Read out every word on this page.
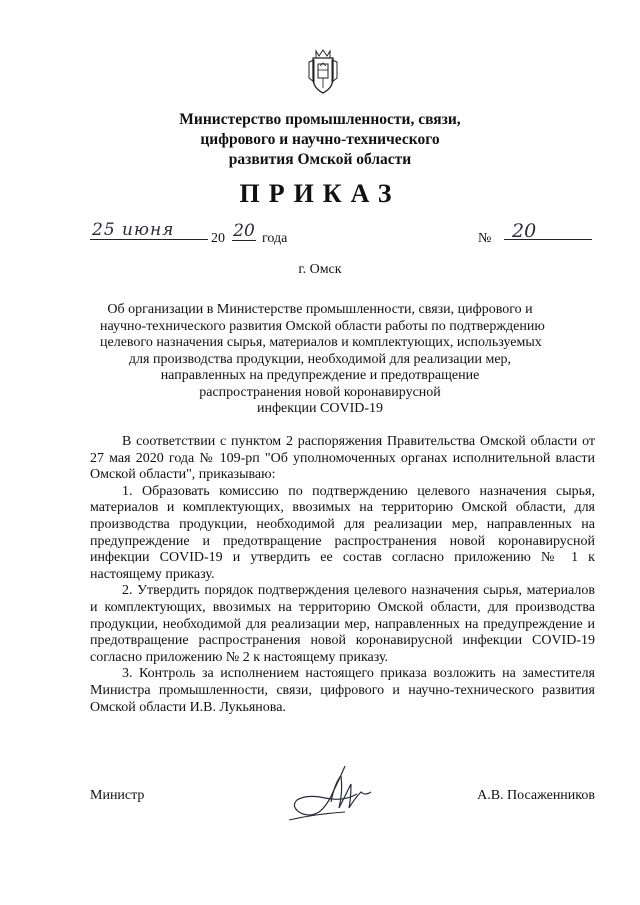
Министерство промышленности, связи,
цифрового и научно-технического
развития Омской области
ПРИКАЗ
25 июня	20 20 года	№	20
г. Омск
Об организации в Министерстве промышленности, связи, цифрового и
научно-технического развития Омской области работы по подтверждению
целевого назначения сырья, материалов и комплектующих, используемых
для производства продукции, необходимой для реализации мер,
направленных на предупреждение и предотвращение
распространения новой коронавирусной
инфекции COVID-19

В соответствии с пунктом 2 распоряжения Правительства Омской области от 27 мая 2020 года № 109-рп "Об уполномоченных органах исполнительной власти Омской области", приказываю:

1. Образовать комиссию по подтверждению целевого назначения сырья, материалов и комплектующих, ввозимых на территорию Омской области, для производства продукции, необходимой для реализации мер, направленных на предупреждение и предотвращение распространения новой коронавирусной инфекции COVID-19 и утвердить ее состав согласно приложению № 1 к настоящему приказу.

2. Утвердить порядок подтверждения целевого назначения сырья, материалов и комплектующих, ввозимых на территорию Омской области, для производства продукции, необходимой для реализации мер, направленных на предупреждение и предотвращение распространения новой коронавирусной инфекции COVID-19 согласно приложению № 2 к настоящему приказу.

3. Контроль за исполнением настоящего приказа возложить на заместителя Министра промышленности, связи, цифрового и научно-технического развития Омской области И.В. Лукьянова.

Министр	А.В. Посаженников
